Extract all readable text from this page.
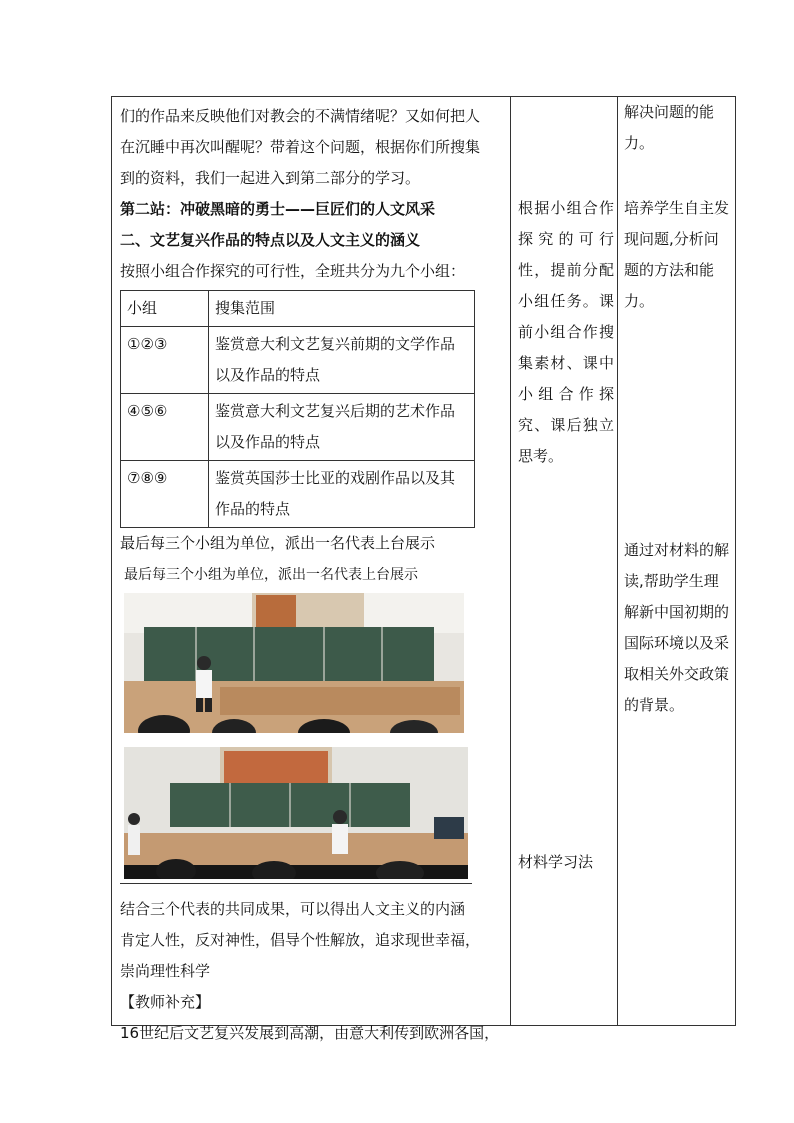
们的作品来反映他们对教会的不满情绪呢？又如何把人

在沉睡中再次叫醒呢？带着这个问题，根据你们所搜集

到的资料，我们一起进入到第二部分的学习。

第二站：冲破黑暗的勇士——巨匠们的人文风采

二、文艺复兴作品的特点以及人文主义的涵义

按照小组合作探究的可行性，全班共分为九个小组：

小组	搜集范围
①②③	鉴赏意大利文艺复兴前期的文学作品以及作品的特点
④⑤⑥	鉴赏意大利文艺复兴后期的艺术作品以及作品的特点
⑦⑧⑨	鉴赏英国莎士比亚的戏剧作品以及其作品的特点

最后每三个小组为单位，派出一名代表上台展示

最后每三个小组为单位，派出一名代表上台展示

结合三个代表的共同成果，可以得出人文主义的内涵

肯定人性，反对神性，倡导个性解放，追求现世幸福，

崇尚理性科学

【教师补充】

16世纪后文艺复兴发展到高潮，由意大利传到欧洲各国，

根据小组合作探究的可行性，提前分配小组任务。课前小组合作搜集素材、课中小组合作探究、课后独立思考。
材料学习法
解决问题的能力。
培养学生自主发现问题,分析问题的方法和能力。
通过对材料的解读,帮助学生理解新中国初期的国际环境以及采取相关外交政策的背景。
